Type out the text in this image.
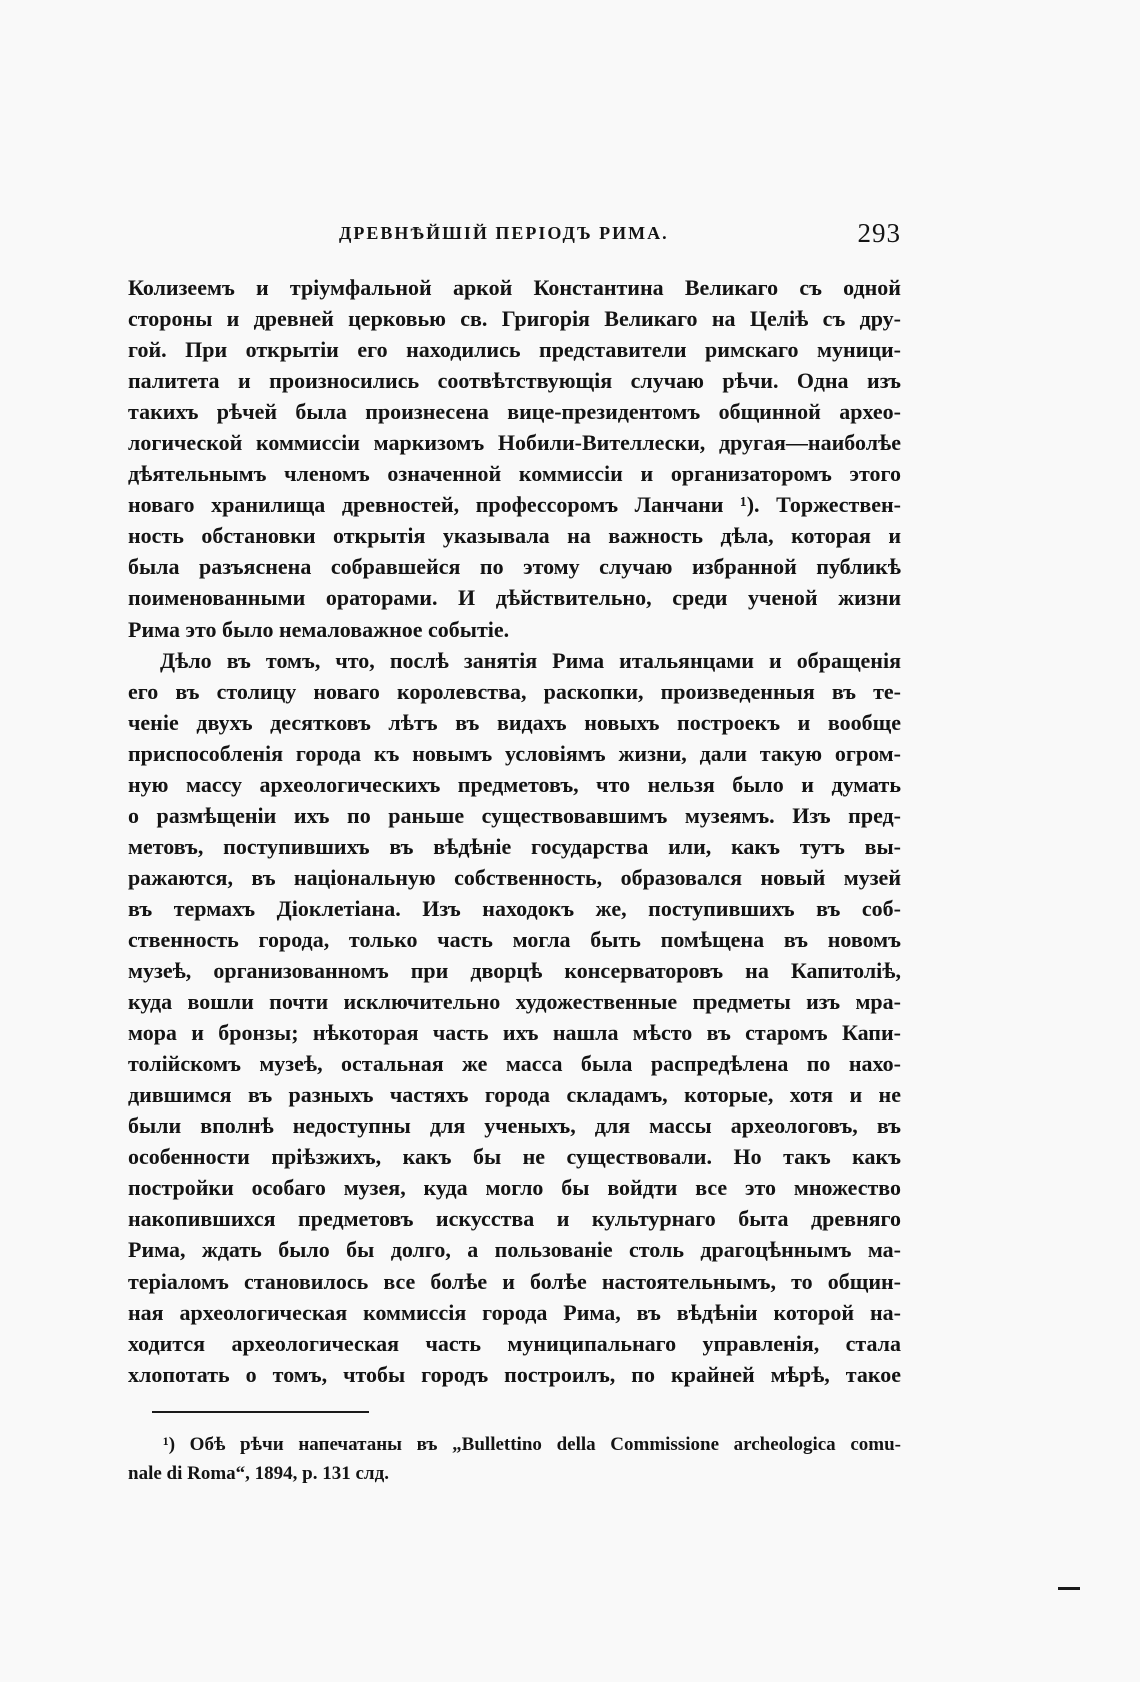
ДРЕВНѢЙШІЙ ПЕРІОДЪ РИМА.	293
Колизеемъ и тріумфальной аркой Константина Великаго съ одной
стороны и древней церковью св. Григорія Великаго на Целіѣ съ дру-
гой. При открытіи его находились представители римскаго муници-
палитета и произносились соотвѣтствующія случаю рѣчи. Одна изъ
такихъ рѣчей была произнесена вице-президентомъ общинной архео-
логической коммиссіи маркизомъ Нобили-Вителлески, другая—наиболѣе
дѣятельнымъ членомъ означенной коммиссіи и организаторомъ этого
новаго хранилища древностей, профессоромъ Ланчани ¹). Торжествен-
ность обстановки открытія указывала на важность дѣла, которая и
была разъяснена собравшейся по этому случаю избранной публикѣ
поименованными ораторами. И дѣйствительно, среди ученой жизни
Рима это было немаловажное событіе.
Дѣло въ томъ, что, послѣ занятія Рима итальянцами и обращенія
его въ столицу новаго королевства, раскопки, произведенныя въ те-
ченіе двухъ десятковъ лѣтъ въ видахъ новыхъ построекъ и вообще
приспособленія города къ новымъ условіямъ жизни, дали такую огром-
ную массу археологическихъ предметовъ, что нельзя было и думать
о размѣщеніи ихъ по раньше существовавшимъ музеямъ. Изъ пред-
метовъ, поступившихъ въ вѣдѣніе государства или, какъ тутъ вы-
ражаются, въ національную собственность, образовался новый музей
въ термахъ Діоклетіана. Изъ находокъ же, поступившихъ въ соб-
ственность города, только часть могла быть помѣщена въ новомъ
музеѣ, организованномъ при дворцѣ консерваторовъ на Капитоліѣ,
куда вошли почти исключительно художественные предметы изъ мра-
мора и бронзы; нѣкоторая часть ихъ нашла мѣсто въ старомъ Капи-
толійскомъ музеѣ, остальная же масса была распредѣлена по нахо-
дившимся въ разныхъ частяхъ города складамъ, которые, хотя и не
были вполнѣ недоступны для ученыхъ, для массы археологовъ, въ
особенности пріѣзжихъ, какъ бы не существовали. Но такъ какъ
постройки особаго музея, куда могло бы войдти все это множество
накопившихся предметовъ искусства и культурнаго быта древняго
Рима, ждать было бы долго, а пользованіе столь драгоцѣннымъ ма-
теріаломъ становилось все болѣе и болѣе настоятельнымъ, то общин-
ная археологическая коммиссія города Рима, въ вѣдѣніи которой на-
ходится археологическая часть муниципальнаго управленія, стала
хлопотать о томъ, чтобы городъ построилъ, по крайней мѣрѣ, такое
¹) Обѣ рѣчи напечатаны въ „Bullettino della Commissione archeologica comu-
nale di Roma“, 1894, p. 131 слд.
